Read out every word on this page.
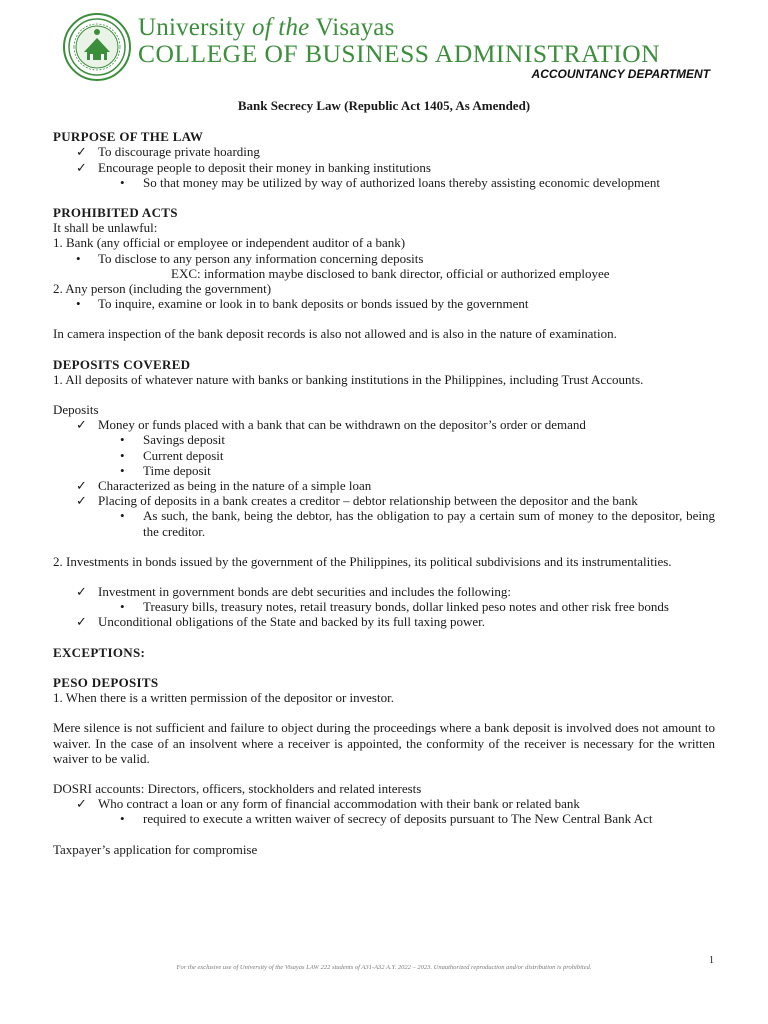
University of the Visayas
COLLEGE OF BUSINESS ADMINISTRATION
ACCOUNTANCY DEPARTMENT

Bank Secrecy Law (Republic Act 1405, As Amended)

PURPOSE OF THE LAW

✓ To discourage private hoarding

✓ Encourage people to deposit their money in banking institutions

• So that money may be utilized by way of authorized loans thereby assisting economic development

PROHIBITED ACTS

It shall be unlawful:

1. Bank (any official or employee or independent auditor of a bank)

• To disclose to any person any information concerning deposits

EXC: information maybe disclosed to bank director, official or authorized employee

2. Any person (including the government)

• To inquire, examine or look in to bank deposits or bonds issued by the government

In camera inspection of the bank deposit records is also not allowed and is also in the nature of examination.

DEPOSITS COVERED

1. All deposits of whatever nature with banks or banking institutions in the Philippines, including Trust Accounts.

Deposits

✓ Money or funds placed with a bank that can be withdrawn on the depositor’s order or demand

• Savings deposit

• Current deposit

• Time deposit

✓ Characterized as being in the nature of a simple loan

✓ Placing of deposits in a bank creates a creditor – debtor relationship between the depositor and the bank

• As such, the bank, being the debtor, has the obligation to pay a certain sum of money to the depositor, being the creditor.

2. Investments in bonds issued by the government of the Philippines, its political subdivisions and its instrumentalities.

✓ Investment in government bonds are debt securities and includes the following:

• Treasury bills, treasury notes, retail treasury bonds, dollar linked peso notes and other risk free bonds

✓ Unconditional obligations of the State and backed by its full taxing power.

EXCEPTIONS:

PESO DEPOSITS

1. When there is a written permission of the depositor or investor.

Mere silence is not sufficient and failure to object during the proceedings where a bank deposit is involved does not amount to waiver. In the case of an insolvent where a receiver is appointed, the conformity of the receiver is necessary for the written waiver to be valid.

DOSRI accounts: Directors, officers, stockholders and related interests

✓ Who contract a loan or any form of financial accommodation with their bank or related bank

• required to execute a written waiver of secrecy of deposits pursuant to The New Central Bank Act

Taxpayer’s application for compromise

1
For the exclusive use of University of the Visayas LAW 222 students of A31-A32 A.Y. 2022 – 2023. Unauthorized reproduction and/or distribution is prohibited.
